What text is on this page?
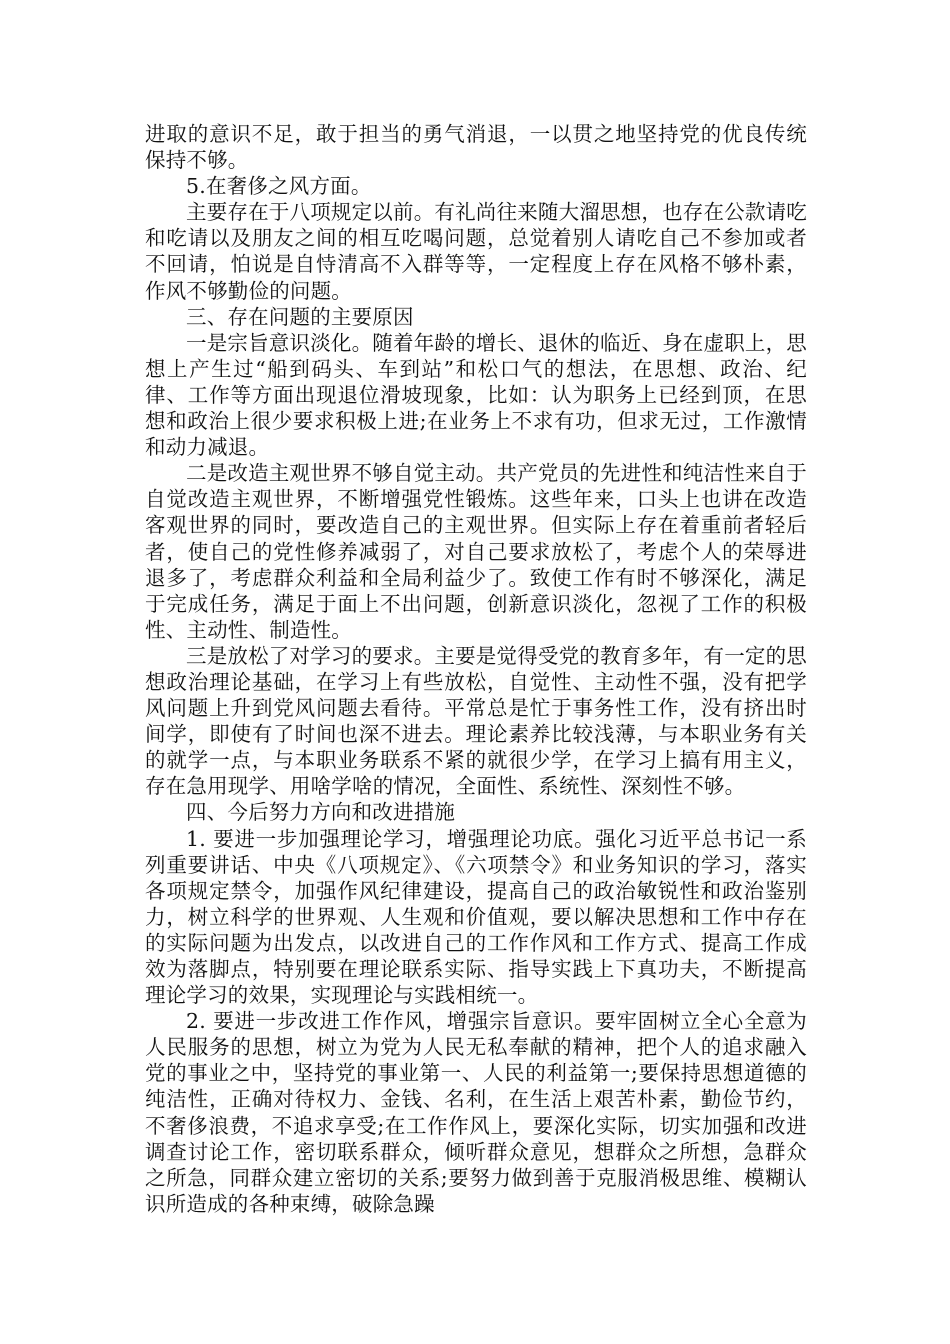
进取的意识不足，敢于担当的勇气消退，一以贯之地坚持党的优良传统保持不够。

5.在奢侈之风方面。

主要存在于八项规定以前。有礼尚往来随大溜思想，也存在公款请吃和吃请以及朋友之间的相互吃喝问题，总觉着别人请吃自己不参加或者不回请，怕说是自恃清高不入群等等，一定程度上存在风格不够朴素，作风不够勤俭的问题。

三、存在问题的主要原因

一是宗旨意识淡化。随着年龄的增长、退休的临近、身在虚职上，思想上产生过“船到码头、车到站”和松口气的想法，在思想、政治、纪律、工作等方面出现退位滑坡现象，比如：认为职务上已经到顶，在思想和政治上很少要求积极上进;在业务上不求有功，但求无过，工作激情和动力减退。

二是改造主观世界不够自觉主动。共产党员的先进性和纯洁性来自于自觉改造主观世界，不断增强党性锻炼。这些年来，口头上也讲在改造客观世界的同时，要改造自己的主观世界。但实际上存在着重前者轻后者，使自己的党性修养减弱了，对自己要求放松了，考虑个人的荣辱进退多了，考虑群众利益和全局利益少了。致使工作有时不够深化，满足于完成任务，满足于面上不出问题，创新意识淡化，忽视了工作的积极性、主动性、制造性。

三是放松了对学习的要求。主要是觉得受党的教育多年，有一定的思想政治理论基础，在学习上有些放松，自觉性、主动性不强，没有把学风问题上升到党风问题去看待。平常总是忙于事务性工作，没有挤出时间学，即使有了时间也深不进去。理论素养比较浅薄，与本职业务有关的就学一点，与本职业务联系不紧的就很少学，在学习上搞有用主义，存在急用现学、用啥学啥的情况，全面性、系统性、深刻性不够。

四、今后努力方向和改进措施

1. 要进一步加强理论学习，增强理论功底。强化习近平总书记一系列重要讲话、中央《八项规定》、《六项禁令》和业务知识的学习，落实各项规定禁令，加强作风纪律建设，提高自己的政治敏锐性和政治鉴别力，树立科学的世界观、人生观和价值观，要以解决思想和工作中存在的实际问题为出发点，以改进自己的工作作风和工作方式、提高工作成效为落脚点，特别要在理论联系实际、指导实践上下真功夫，不断提高理论学习的效果，实现理论与实践相统一。

2. 要进一步改进工作作风，增强宗旨意识。要牢固树立全心全意为人民服务的思想，树立为党为人民无私奉献的精神，把个人的追求融入党的事业之中，坚持党的事业第一、人民的利益第一;要保持思想道德的纯洁性，正确对待权力、金钱、名利，在生活上艰苦朴素，勤俭节约，不奢侈浪费，不追求享受;在工作作风上，要深化实际，切实加强和改进调查讨论工作，密切联系群众，倾听群众意见，想群众之所想，急群众之所急，同群众建立密切的关系;要努力做到善于克服消极思维、模糊认识所造成的各种束缚，破除急躁
